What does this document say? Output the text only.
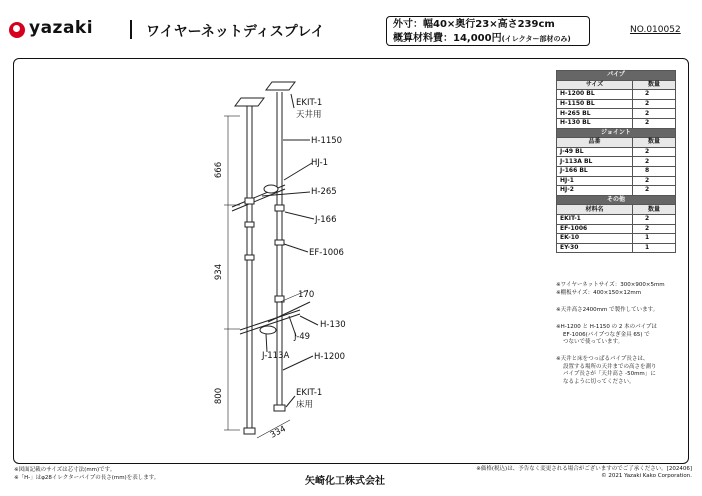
yazaki	ワイヤーネットディスプレイ	外寸：幅40×奥行23×高さ239cm
概算材料費：14,000円(イレクター部材のみ)
NO.010052
EKIT-1
天井用
H-1150
HJ-1
H-265
J-166
EF-1006
170
H-130
J-49
J-113A	H-1200
EKIT-1
床用
666
934
800
334
パイプ	
サイズ	数量
H-1200 BL	2
H-1150 BL	2
H-265 BL	2
H-130 BL	2
ジョイント	
品番	数量
J-49 BL	2
J-113A BL	2
J-166 BL	8
HJ-1	2
HJ-2	2
その他	
材料名	数量
EKIT-1	2
EF-1006	2
EK-10	1
EY-30	1
※ワイヤーネットサイズ：300×900×5mm
※棚板サイズ：400×150×12mm
※天井高さ2400mm で製作しています。
※H-1200 と H-1150 の 2 本のパイプは
EF-1006(パイプつなぎ金具 65) で
つないで使っています。
※天井と床をつっぱるパイプ長さは、
設置する場所の天井までの高さを測り
パイプ長さが「天井高さ -50mm」に
なるように切ってください。
※図面記載のサイズは芯寸法(mm)です。
※「H-」はφ28イレクターパイプの長さ(mm)を表します。	矢崎化工株式会社
※価格(税込)は、予告なく変更される場合がございますのでご了承ください。[202406]
© 2021 Yazaki Kako Corporation.
